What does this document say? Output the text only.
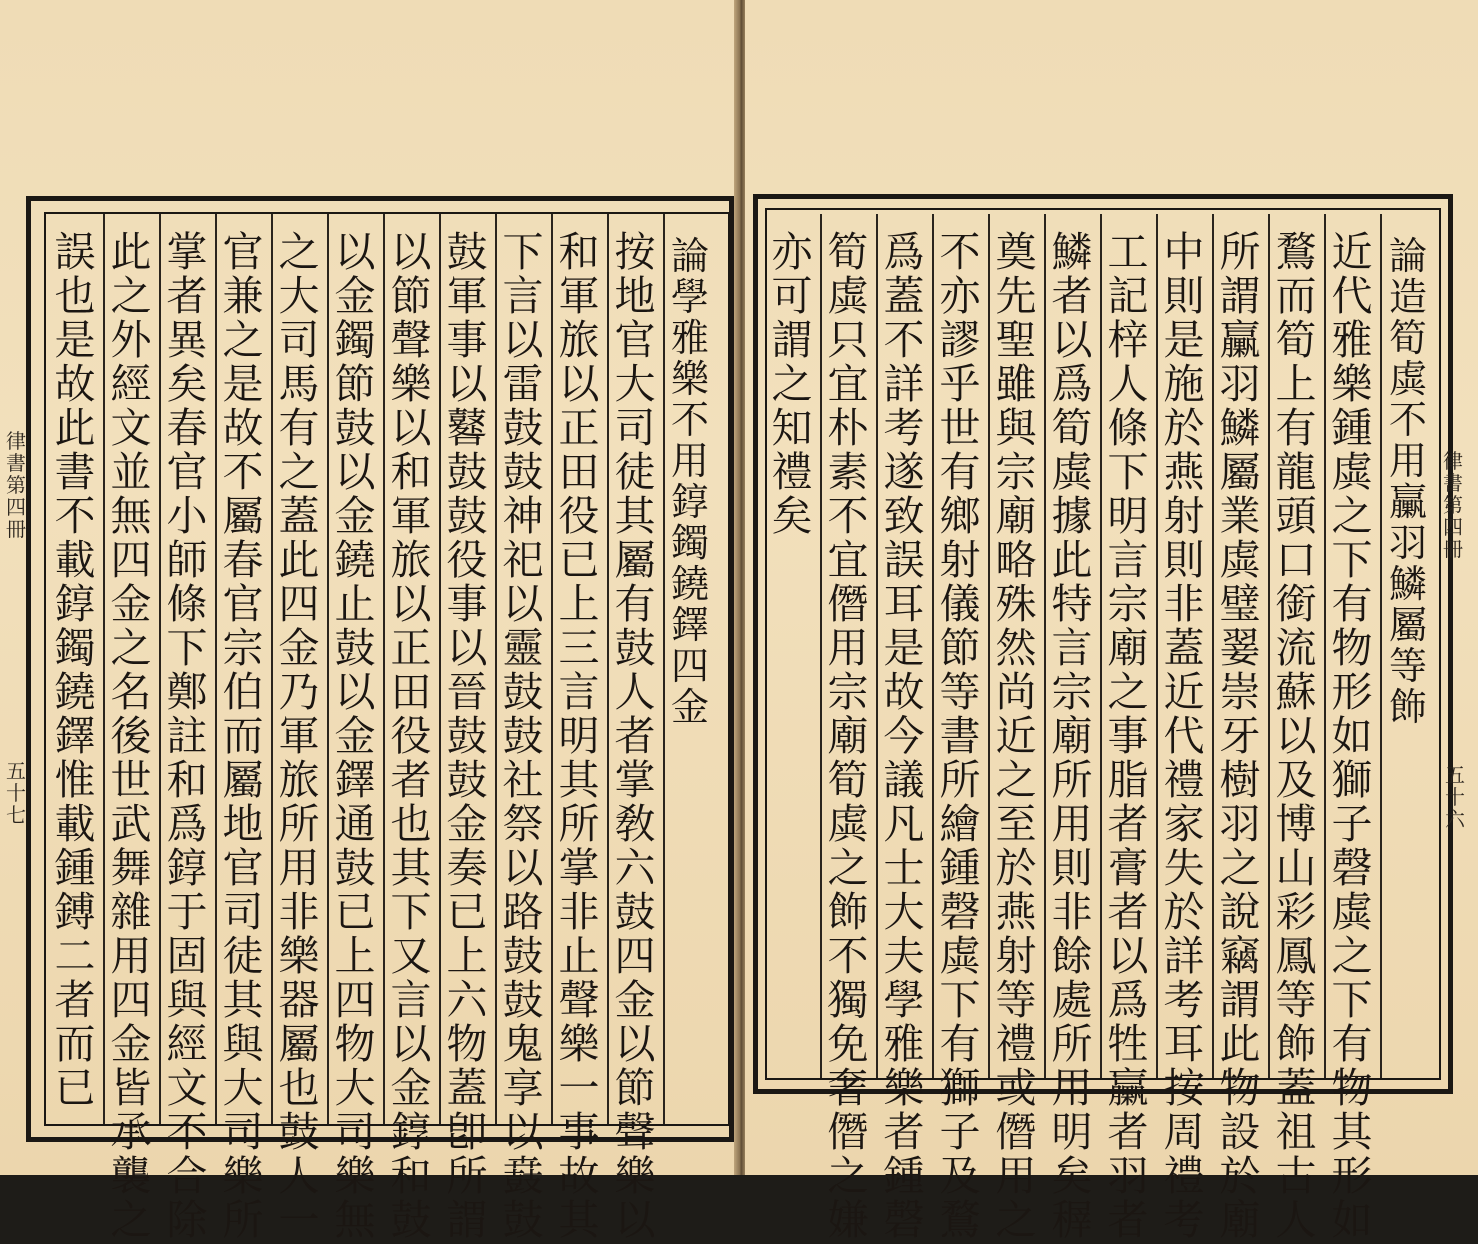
論
學
雅
樂
不
用
錞
鐲
鐃
鐸
四
金
按
地
官
大
司
徒
其
屬
有
鼓
人
者
掌
敎
六
鼓
四
金
以
節
聲
樂
以
和
軍
旅
以
正
田
役
已
上
三
言
明
其
所
掌
非
止
聲
樂
一
事
故
其
下
言
以
雷
鼓
鼓
神
祀
以
靈
鼓
鼓
社
祭
以
路
鼓
鼓
鬼
享
以
鼖
鼓
鼓
軍
事
以
鼛
鼓
鼓
役
事
以
晉
鼓
鼓
金
奏
已
上
六
物
蓋
卽
所
謂
以
節
聲
樂
以
和
軍
旅
以
正
田
役
者
也
其
下
又
言
以
金
錞
和
鼓
以
金
鐲
節
鼓
以
金
鐃
止
鼓
以
金
鐸
通
鼓
已
上
四
物
大
司
樂
無
之
大
司
馬
有
之
蓋
此
四
金
乃
軍
旅
所
用
非
樂
器
屬
也
鼓
人
一
官
兼
之
是
故
不
屬
春
官
宗
伯
而
屬
地
官
司
徒
其
與
大
司
樂
所
掌
者
異
矣
春
官
小
師
條
下
鄭
註
和
爲
錞
于
固
與
經
文
不
合
除
此
之
外
經
文
並
無
四
金
之
名
後
世
武
舞
雜
用
四
金
皆
承
襲
之
誤
也
是
故
此
書
不
載
錞
鐲
鐃
鐸
惟
載
鍾
鎛
二
者
而
已
律
書
第
四
冊
五
十
七
論
造
筍
虡
不
用
臝
羽
鱗
屬
等
飾
近
代
雅
樂
鍾
虡
之
下
有
物
形
如
獅
子
磬
虡
之
下
有
物
其
形
如
鶩
而
筍
上
有
龍
頭
口
銜
流
蘇
以
及
博
山
彩
鳳
等
飾
蓋
祖
古
人
所
謂
臝
羽
鱗
屬
業
虡
璧
翣
崇
牙
樹
羽
之
說
竊
謂
此
物
設
於
廟
中
則
是
施
於
燕
射
則
非
蓋
近
代
禮
家
失
於
詳
考
耳
按
周
禮
考
工
記
梓
人
條
下
明
言
宗
廟
之
事
脂
者
膏
者
以
爲
牲
臝
者
羽
者
鱗
者
以
爲
筍
虡
據
此
特
言
宗
廟
所
用
則
非
餘
處
所
用
明
矣
稺
奠
先
聖
雖
與
宗
廟
略
殊
然
尚
近
之
至
於
燕
射
等
禮
或
僭
用
之
不
亦
謬
乎
世
有
鄉
射
儀
節
等
書
所
繪
鍾
磬
虡
下
有
獅
子
及
鶩
爲
蓋
不
詳
考
遂
致
誤
耳
是
故
今
議
凡
士
大
夫
學
雅
樂
者
鍾
磬
筍
虡
只
宜
朴
素
不
宜
僭
用
宗
廟
筍
虡
之
飾
不
獨
免
奢
僭
之
嫌
亦
可
謂
之
知
禮
矣
律
書
第
四
冊
五
十
六
